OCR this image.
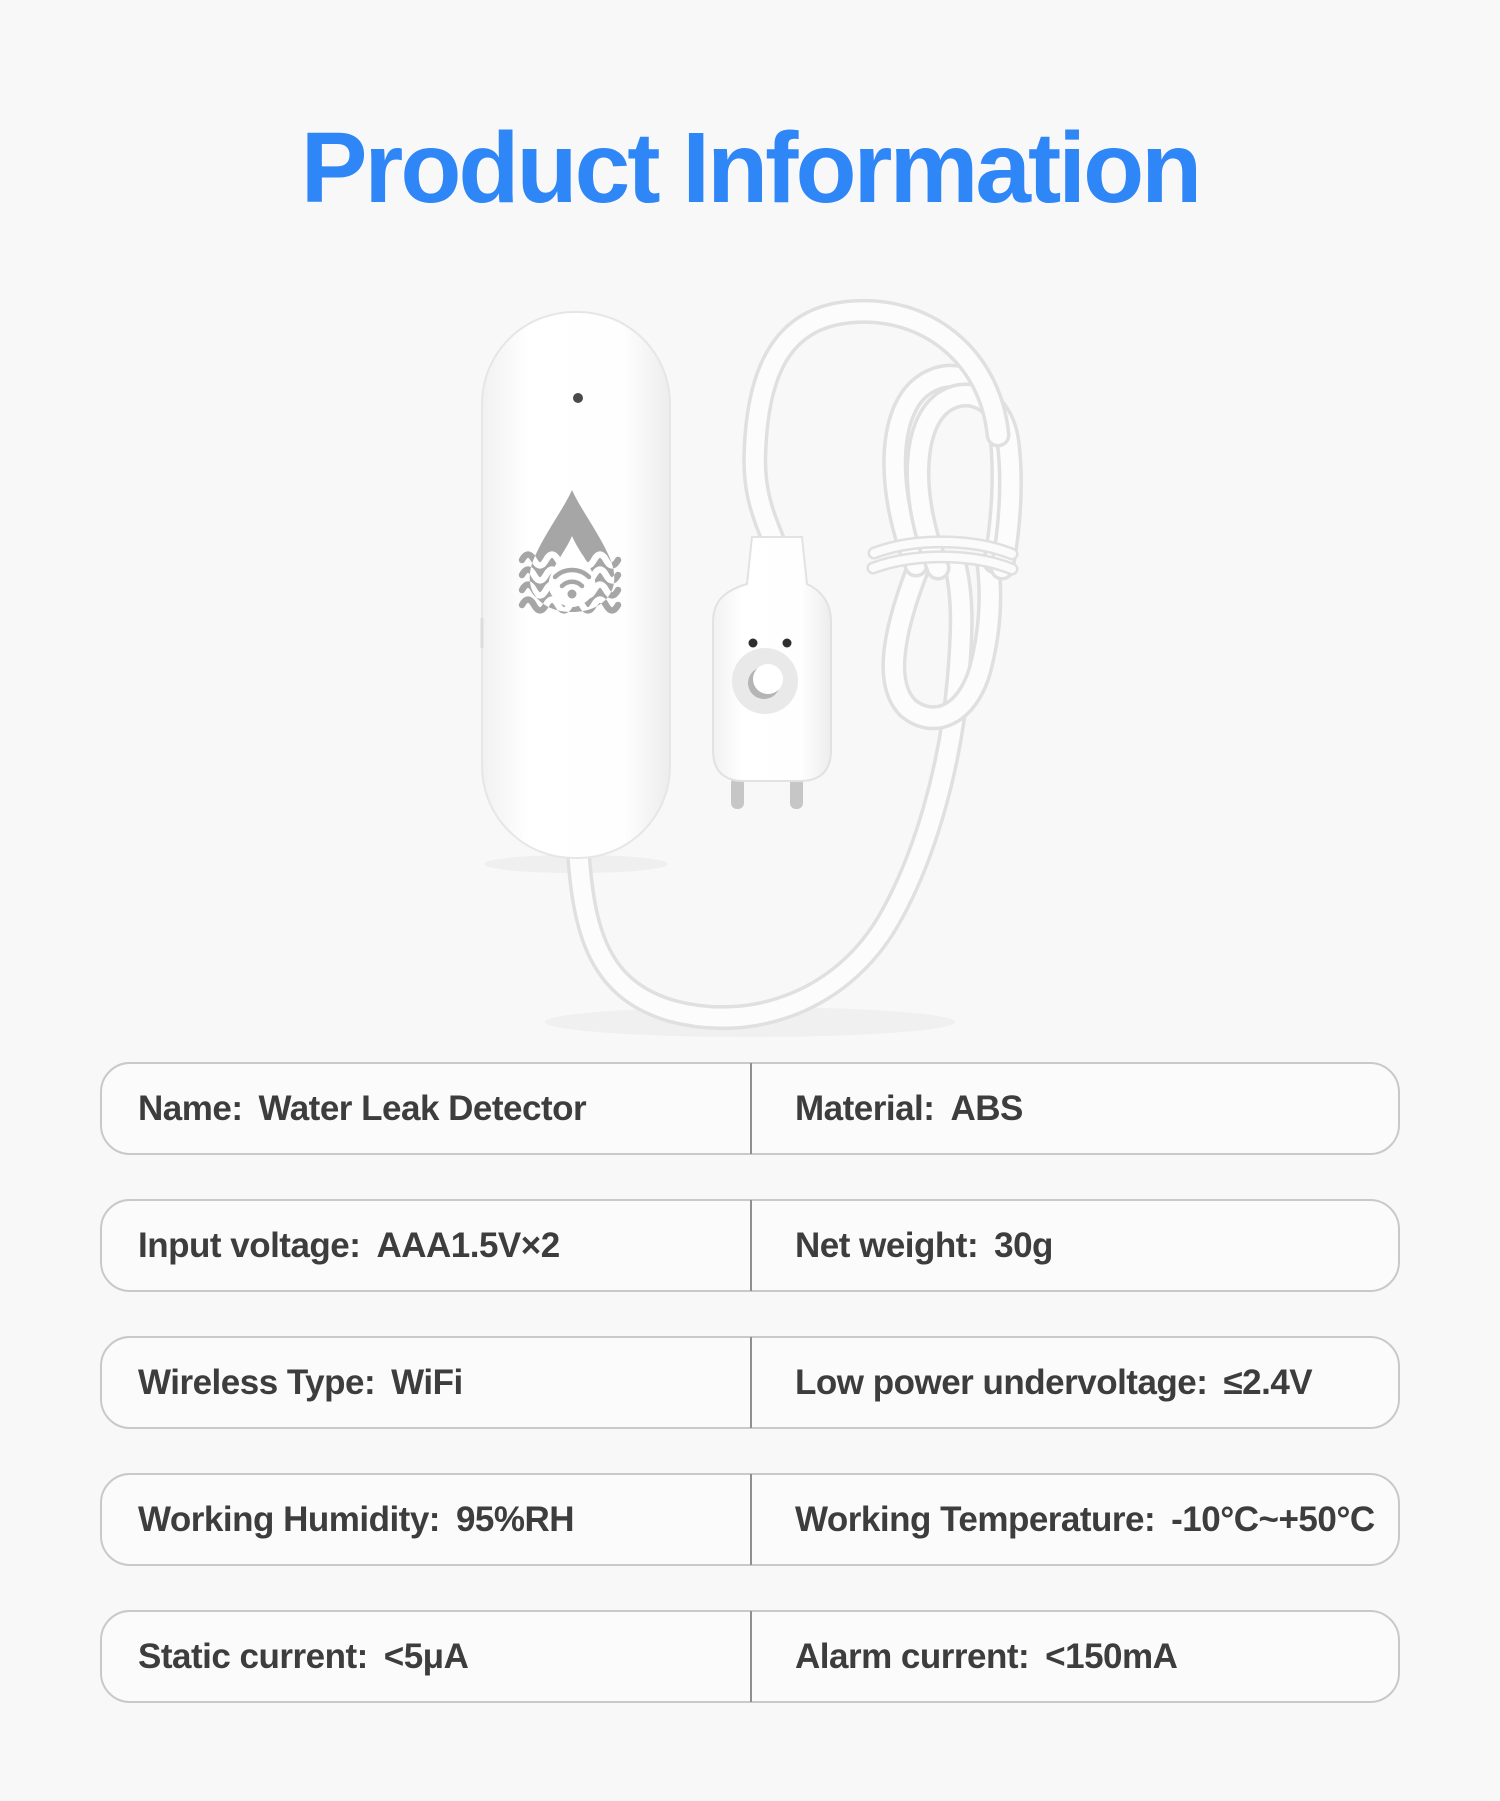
Product Information
Name: Water Leak Detector	Material: ABS
Input voltage: AAA1.5V×2	Net weight: 30g
Wireless Type: WiFi	Low power undervoltage: ≤2.4V
Working Humidity: 95%RH	Working Temperature: -10°C~+50°C
Static current: <5μA	Alarm current: <150mA
